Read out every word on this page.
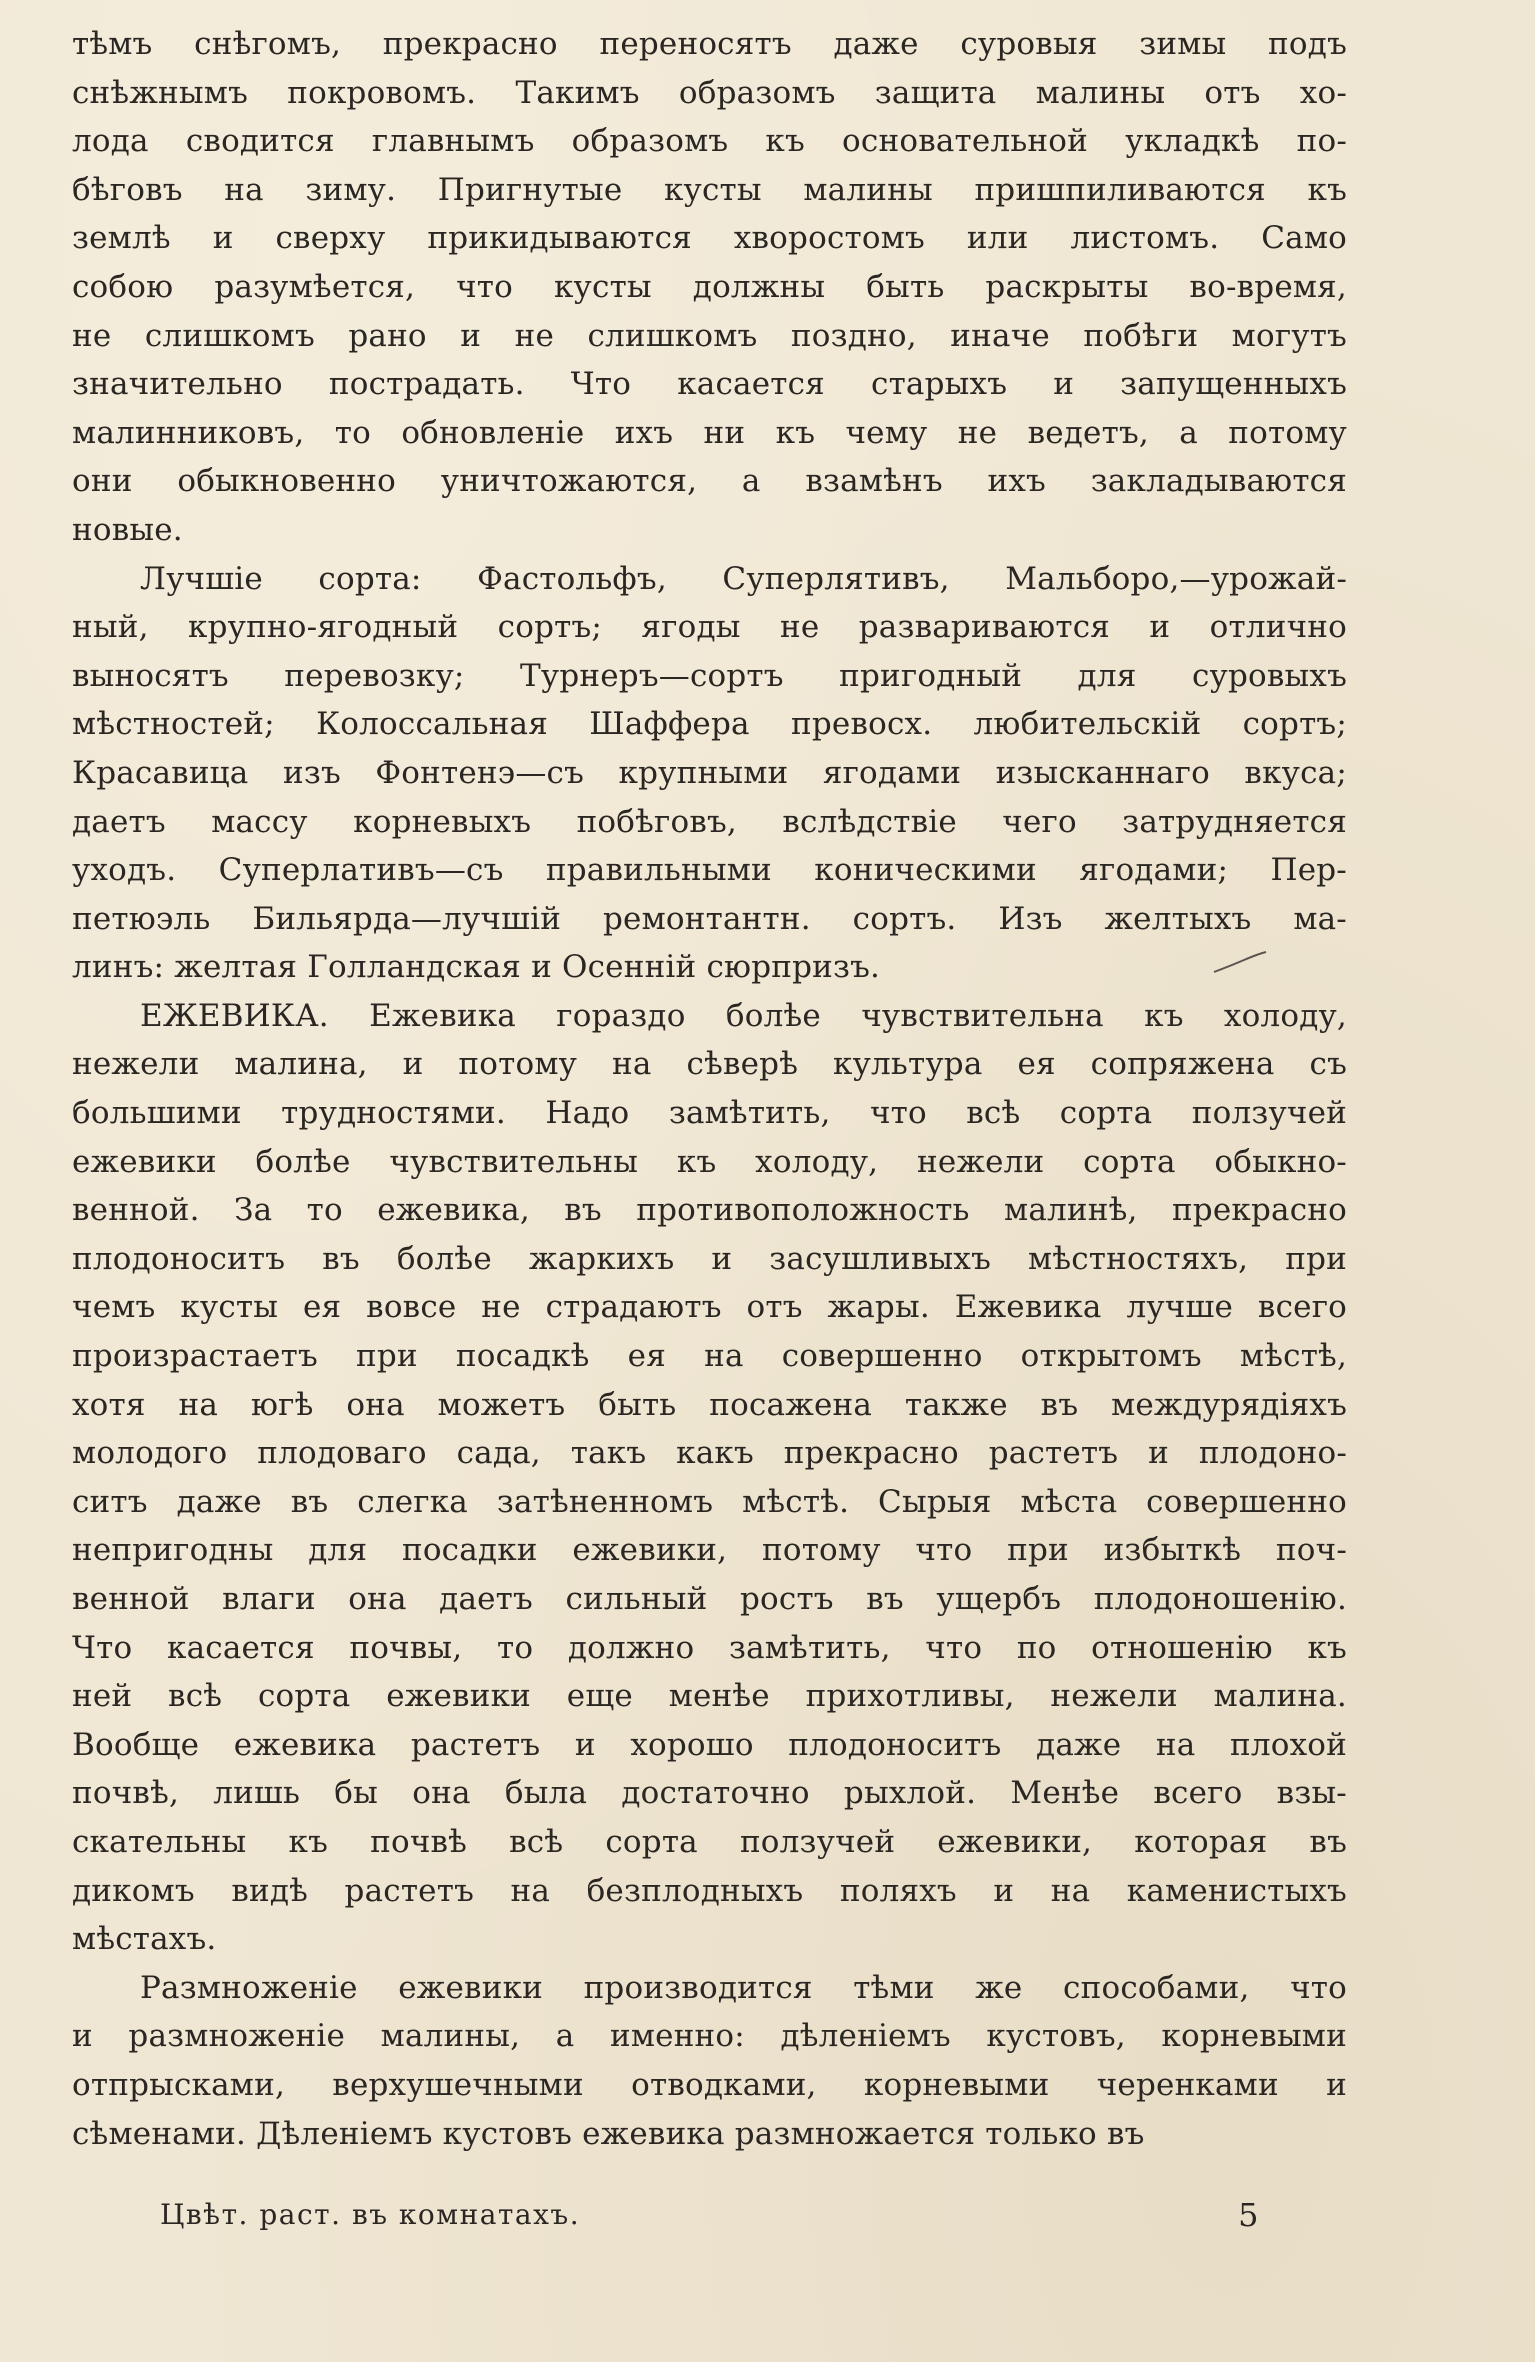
тѣмъ снѣгомъ, прекрасно переносятъ даже суровыя зимы подъ
снѣжнымъ покровомъ. Такимъ образомъ защита малины отъ хо-
лода сводится главнымъ образомъ къ основательной укладкѣ по-
бѣговъ на зиму. Пригнутые кусты малины пришпиливаются къ
землѣ и сверху прикидываются хворостомъ или листомъ. Само
собою разумѣется, что кусты должны быть раскрыты во-время,
не слишкомъ рано и не слишкомъ поздно, иначе побѣги могутъ
значительно пострадать. Что касается старыхъ и запущенныхъ
малинниковъ, то обновленіе ихъ ни къ чему не ведетъ, а потому
они обыкновенно уничтожаются, а взамѣнъ ихъ закладываются
новые.
Лучшіе сорта: Фастольфъ, Суперлятивъ, Мальборо,—урожай-
ный, крупно-ягодный сортъ; ягоды не развариваются и отлично
выносятъ перевозку; Турнеръ—сортъ пригодный для суровыхъ
мѣстностей; Колоссальная Шаффера превосх. любительскій сортъ;
Красавица изъ Фонтенэ—съ крупными ягодами изысканнаго вкуса;
даетъ массу корневыхъ побѣговъ, вслѣдствіе чего затрудняется
уходъ. Суперлативъ—съ правильными коническими ягодами; Пер-
петюэль Бильярда—лучшій ремонтантн. сортъ. Изъ желтыхъ ма-
линъ: желтая Голландская и Осенній сюрпризъ.
ЕЖЕВИКА. Ежевика гораздо болѣе чувствительна къ холоду,
нежели малина, и потому на сѣверѣ культура ея сопряжена съ
большими трудностями. Надо замѣтить, что всѣ сорта ползучей
ежевики болѣе чувствительны къ холоду, нежели сорта обыкно-
венной. За то ежевика, въ противоположность малинѣ, прекрасно
плодоноситъ въ болѣе жаркихъ и засушливыхъ мѣстностяхъ, при
чемъ кусты ея вовсе не страдаютъ отъ жары. Ежевика лучше всего
произрастаетъ при посадкѣ ея на совершенно открытомъ мѣстѣ,
хотя на югѣ она можетъ быть посажена также въ междурядіяхъ
молодого плодоваго сада, такъ какъ прекрасно растетъ и плодоно-
ситъ даже въ слегка затѣненномъ мѣстѣ. Сырыя мѣста совершенно
непригодны для посадки ежевики, потому что при избыткѣ поч-
венной влаги она даетъ сильный ростъ въ ущербъ плодоношенію.
Что касается почвы, то должно замѣтить, что по отношенію къ
ней всѣ сорта ежевики еще менѣе прихотливы, нежели малина.
Вообще ежевика растетъ и хорошо плодоноситъ даже на плохой
почвѣ, лишь бы она была достаточно рыхлой. Менѣе всего взы-
скательны къ почвѣ всѣ сорта ползучей ежевики, которая въ
дикомъ видѣ растетъ на безплодныхъ поляхъ и на каменистыхъ
мѣстахъ.
Размноженіе ежевики производится тѣми же способами, что
и размноженіе малины, а именно: дѣленіемъ кустовъ, корневыми
отпрысками, верхушечными отводками, корневыми черенками и
сѣменами. Дѣленіемъ кустовъ ежевика размножается только въ
Цвѣт. раст. въ комнатахъ.	5
